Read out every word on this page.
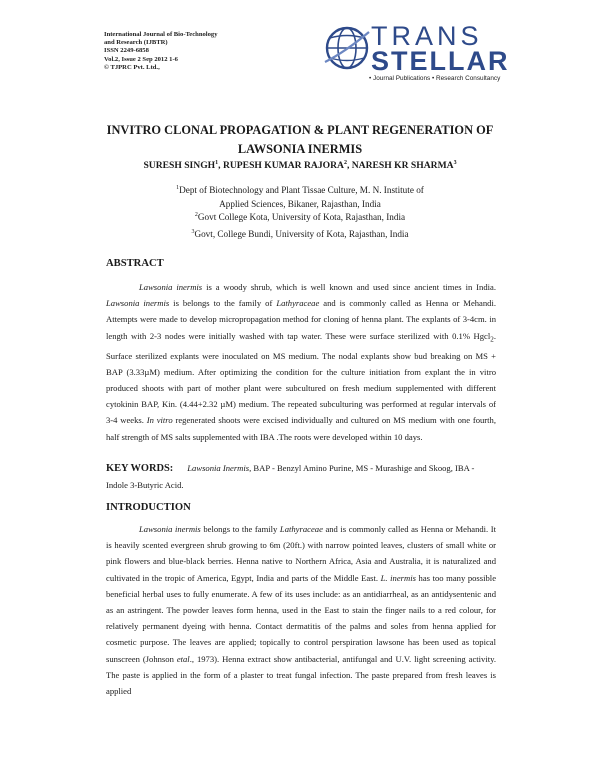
International Journal of Bio-Technology
and Research (IJBTR)
ISSN 2249-6858
Vol.2, Issue 2 Sep 2012 1-6
© TJPRC Pvt. Ltd.,
TRANS
STELLAR
• Journal Publications • Research Consultancy
INVITRO CLONAL PROPAGATION & PLANT REGENERATION OF
LAWSONIA INERMIS
SURESH SINGH$^1$, RUPESH KUMAR RAJORA$^2$, NARESH KR SHARMA$^3$
$^1$Dept of Biotechnology and Plant Tissae Culture, M. N. Institute of Applied Sciences, Bikaner, Rajasthan, India
$^2$Govt College Kota, University of Kota, Rajasthan, India
$^3$Govt, College Bundi, University of Kota, Rajasthan, India
ABSTRACT
Lawsonia inermis is a woody shrub, which is well known and used since ancient times in India. Lawsonia inermis is belongs to the family of Lathyraceae and is commonly called as Henna or Mehandi. Attempts were made to develop micropropagation method for cloning of henna plant. The explants of 3-4cm. in length with 2-3 nodes were initially washed with tap water. These were surface sterilized with 0.1% Hgcl$_2$. Surface sterilized explants were inoculated on MS medium. The nodal explants show bud breaking on MS + BAP (3.33µM) medium. After optimizing the condition for the culture initiation from explant the in vitro produced shoots with part of mother plant were subcultured on fresh medium supplemented with different cytokinin BAP, Kin. (4.44+2.32 µM) medium. The repeated subculturing was performed at regular intervals of 3-4 weeks. In vitro regenerated shoots were excised individually and cultured on MS medium with one fourth, half strength of MS salts supplemented with IBA .The roots were developed within 10 days.
KEY WORDS: Lawsonia Inermis, BAP - Benzyl Amino Purine, MS - Murashige and Skoog, IBA - Indole 3-Butyric Acid.
INTRODUCTION
Lawsonia inermis belongs to the family Lathyraceae and is commonly called as Henna or Mehandi. It is heavily scented evergreen shrub growing to 6m (20ft.) with narrow pointed leaves, clusters of small white or pink flowers and blue-black berries. Henna native to Northern Africa, Asia and Australia, it is naturalized and cultivated in the tropic of America, Egypt, India and parts of the Middle East. L. inermis has too many possible beneficial herbal uses to fully enumerate. A few of its uses include: as an antidiarrheal, as an antidysentenic and as an astringent. The powder leaves form henna, used in the East to stain the finger nails to a red colour, for relatively permanent dyeing with henna. Contact dermatitis of the palms and soles from henna applied for cosmetic purpose. The leaves are applied; topically to control perspiration lawsone has been used as topical sunscreen (Johnson etal., 1973). Henna extract show antibacterial, antifungal and U.V. light screening activity. The paste is applied in the form of a plaster to treat fungal infection. The paste prepared from fresh leaves is applied
